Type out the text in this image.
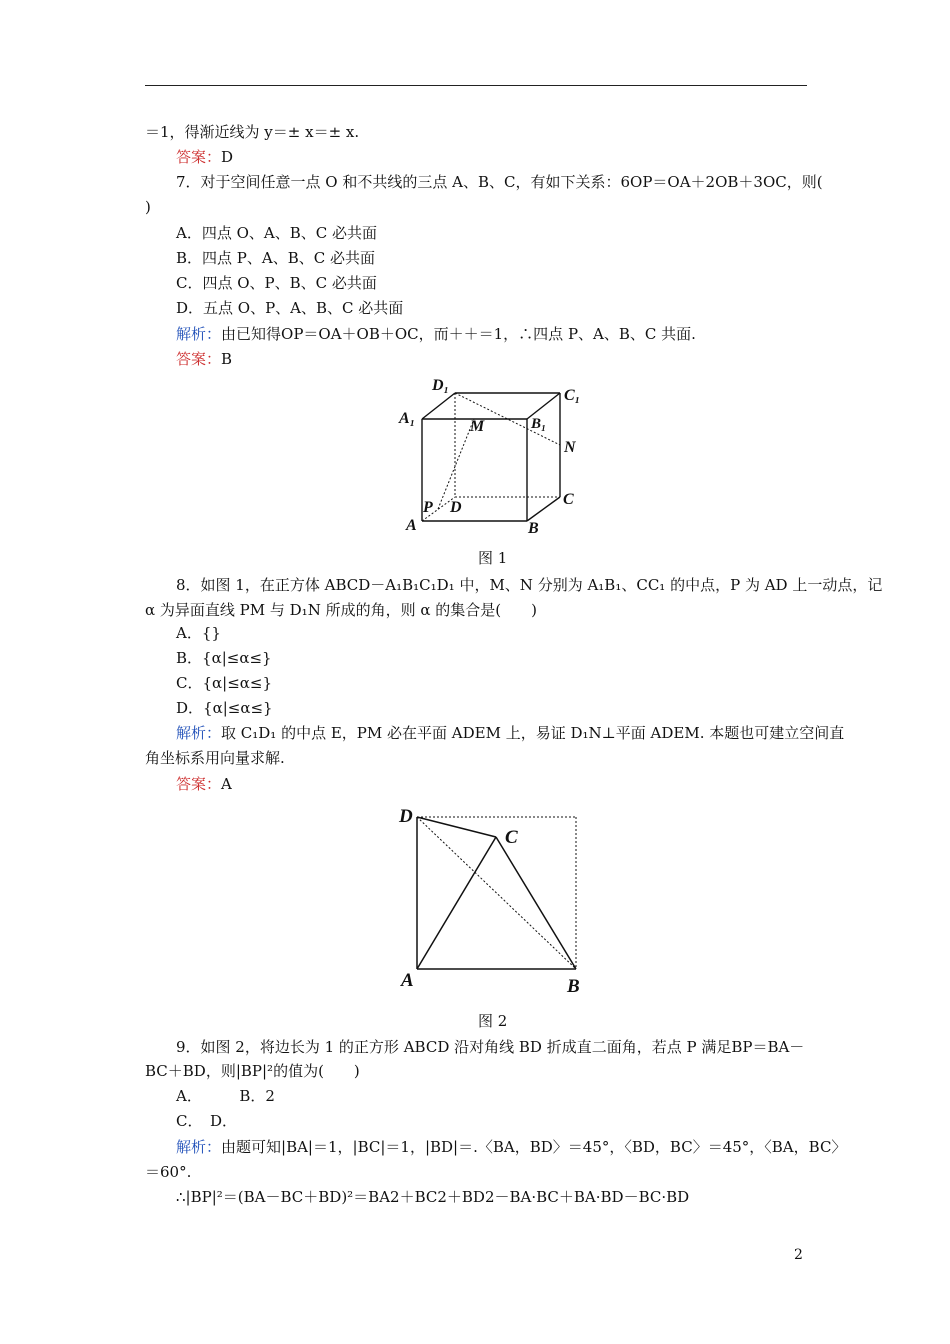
＝1，得渐近线为 y＝± x＝± x.
答案：D
7．对于空间任意一点 O 和不共线的三点 A、B、C，有如下关系：6OP＝OA＋2OB＋3OC，则(
)
A．四点 O、A、B、C 必共面
B．四点 P、A、B、C 必共面
C．四点 O、P、B、C 必共面
D．五点 O、P、A、B、C 必共面
解析：由已知得OP＝OA＋OB＋OC，而＋＋＝1，∴四点 P、A、B、C 共面.
答案：B
D₁
C₁
A₁	B₁
M
N
C
P D
A	B
图 1
8．如图 1，在正方体 ABCD－A₁B₁C₁D₁ 中，M、N 分别为 A₁B₁、CC₁ 的中点，P 为 AD 上一动点，记
α 为异面直线 PM 与 D₁N 所成的角，则 α 的集合是(　　)
A．{}
B．{α|≤α≤}
C．{α|≤α≤}
D．{α|≤α≤}
解析：取 C₁D₁ 的中点 E，PM 必在平面 ADEM 上，易证 D₁N⊥平面 ADEM. 本题也可建立空间直
角坐标系用向量求解.
答案：A
D
C
A	B
图 2
9．如图 2，将边长为 1 的正方形 ABCD 沿对角线 BD 折成直二面角，若点 P 满足BP＝BA－
BC＋BD，则|BP|²的值为(　　)
A．　　　B．2
C．　D．
解析：由题可知|BA|＝1，|BC|＝1，|BD|＝.〈BA，BD〉＝45°，〈BD，BC〉＝45°，〈BA，BC〉
＝60°.
∴|BP|²＝(BA－BC＋BD)²＝BA2＋BC2＋BD2－BA·BC＋BA·BD－BC·BD
2
